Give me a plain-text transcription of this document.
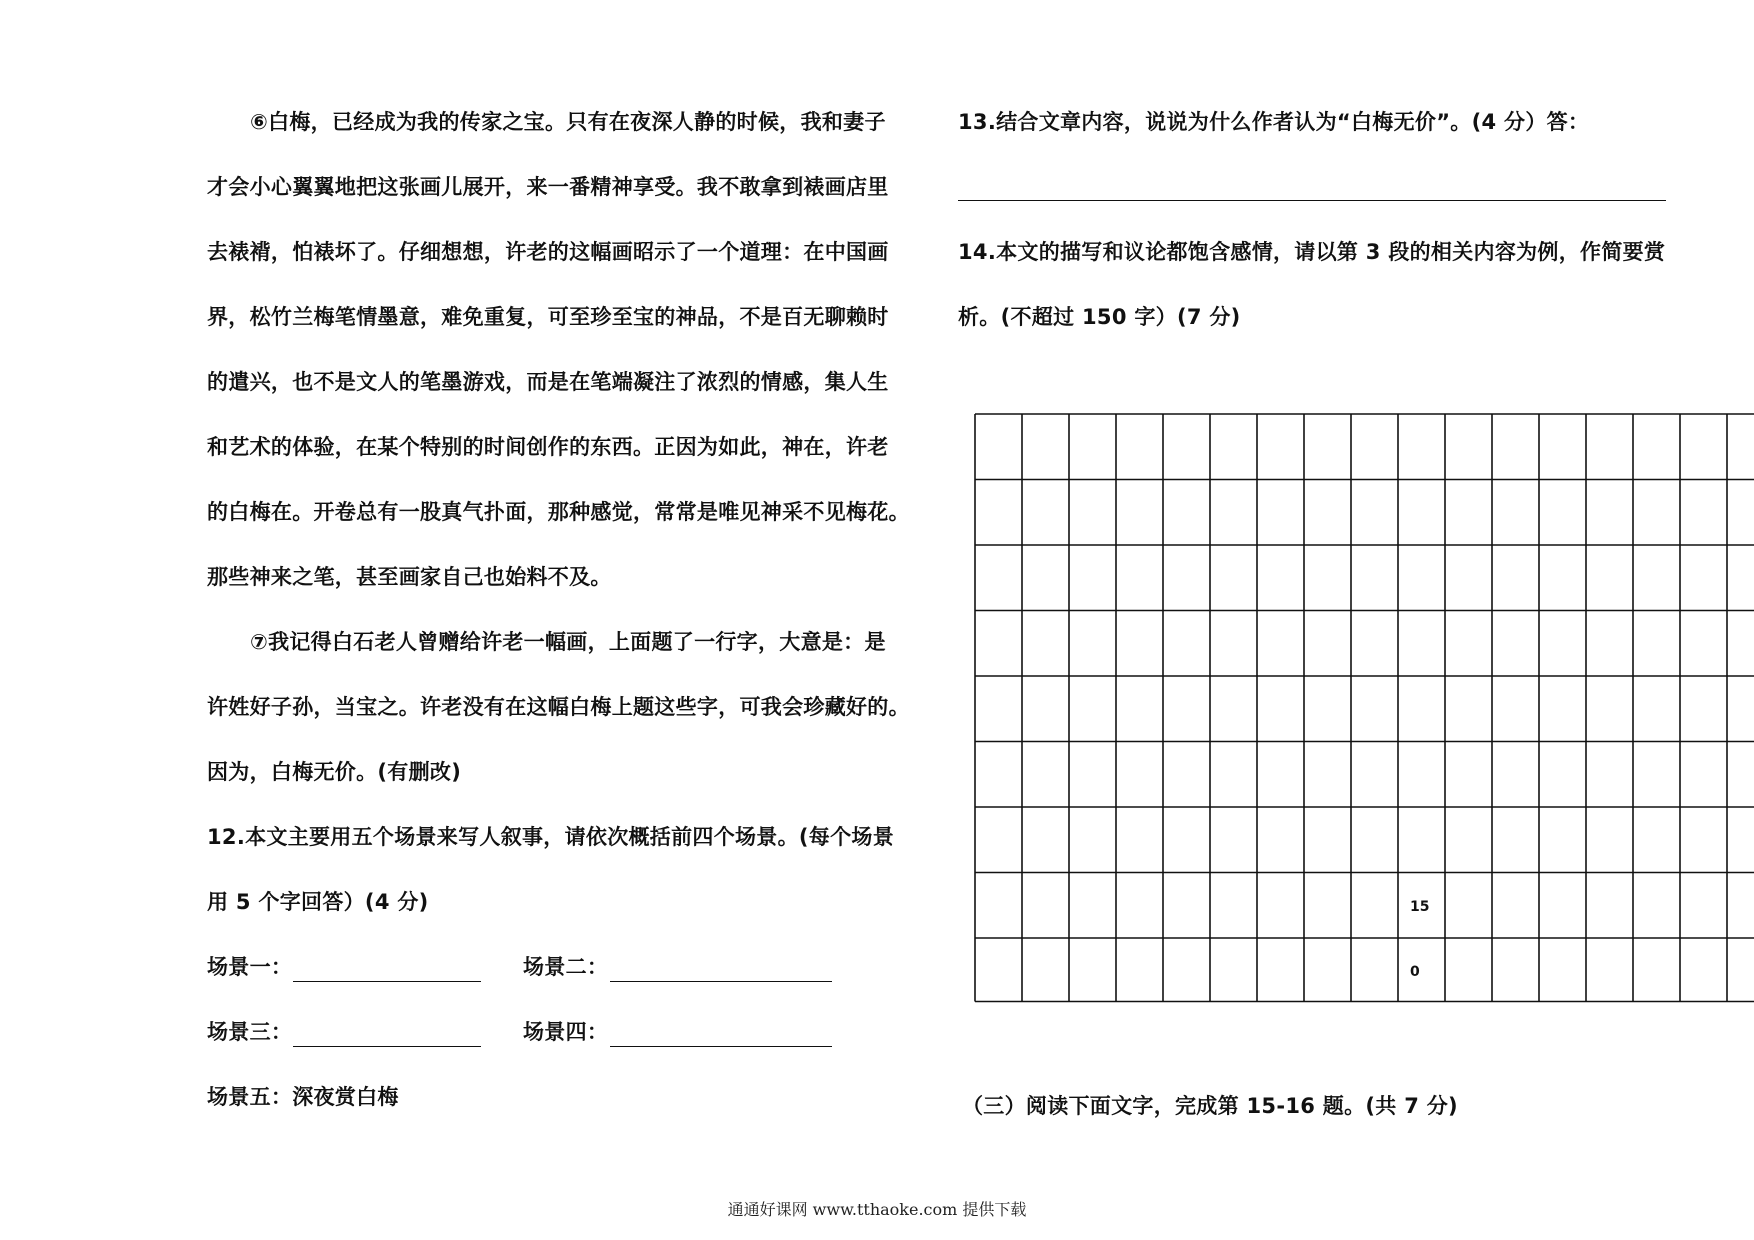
⑥白梅，已经成为我的传家之宝。只有在夜深人静的时候，我和妻子

才会小心翼翼地把这张画儿展开，来一番精神享受。我不敢拿到裱画店里

去裱褙，怕裱坏了。仔细想想，许老的这幅画昭示了一个道理：在中国画

界，松竹兰梅笔情墨意，难免重复，可至珍至宝的神品，不是百无聊赖时

的遣兴，也不是文人的笔墨游戏，而是在笔端凝注了浓烈的情感，集人生

和艺术的体验，在某个特别的时间创作的东西。正因为如此，神在，许老

的白梅在。开卷总有一股真气扑面，那种感觉，常常是唯见神采不见梅花。

那些神来之笔，甚至画家自己也始料不及。

⑦我记得白石老人曾赠给许老一幅画，上面题了一行字，大意是：是

许姓好子孙，当宝之。许老没有在这幅白梅上题这些字，可我会珍藏好的。

因为，白梅无价。(有删改)

12.本文主要用五个场景来写人叙事，请依次概括前四个场景。(每个场景

用 5 个字回答）(4 分)

场景一：	场景二：

场景三：	场景四：

场景五：深夜赏白梅

13.结合文章内容，说说为什么作者认为“白梅无价”。(4 分）答：

14.本文的描写和议论都饱含感情，请以第 3 段的相关内容为例，作简要赏

析。(不超过 150 字）(7 分)

15
0

（三）阅读下面文字，完成第 15-16 题。(共 7 分)

通通好课网 www.tthaoke.com 提供下载
